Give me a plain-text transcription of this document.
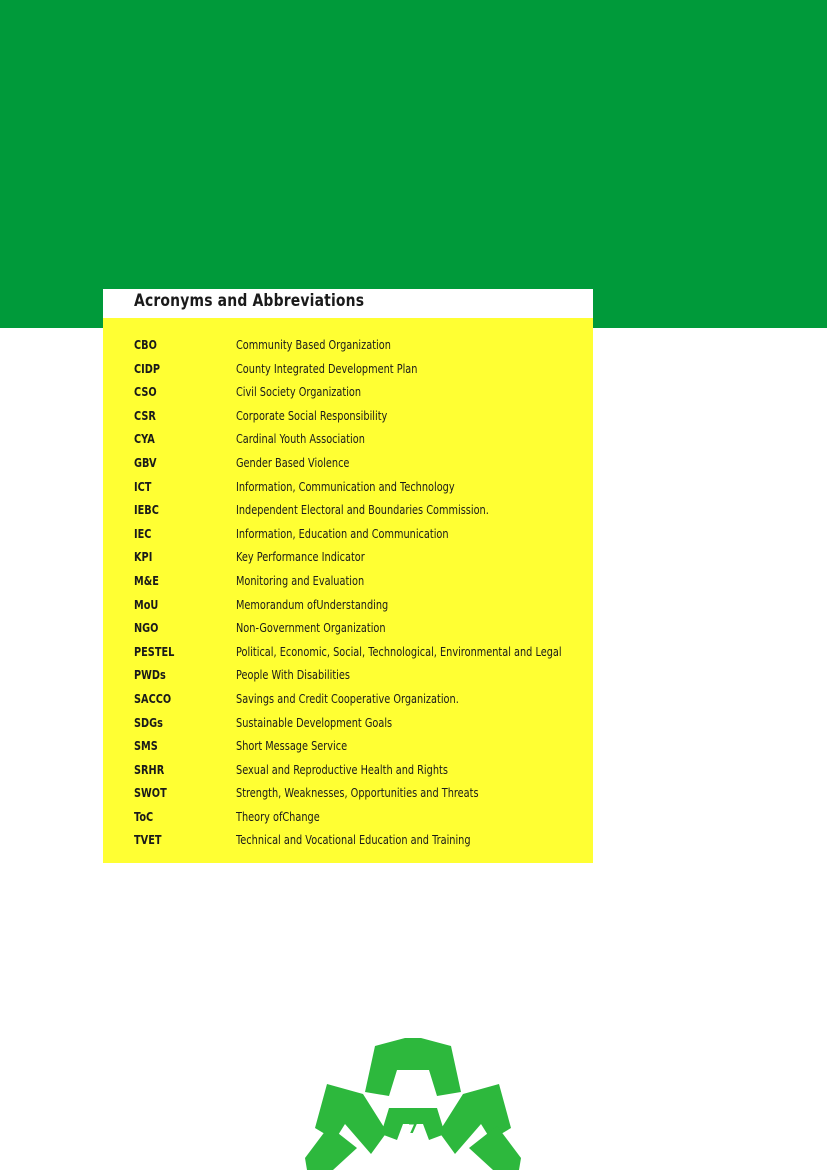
Acronyms and Abbreviations
CBO	Community Based Organization
CIDP	County Integrated Development Plan
CSO	Civil Society Organization
CSR	Corporate Social Responsibility
CYA	Cardinal Youth Association
GBV	Gender Based Violence
ICT	Information, Communication and Technology
IEBC	Independent Electoral and Boundaries Commission.
IEC	Information, Education and Communication
KPI	Key Performance Indicator
M&E	Monitoring and Evaluation
MoU	Memorandum ofUnderstanding
NGO	Non-Government Organization
PESTEL	Political, Economic, Social, Technological, Environmental and Legal
PWDs	People With Disabilities
SACCO	Savings and Credit Cooperative Organization.
SDGs	Sustainable Development Goals
SMS	Short Message Service
SRHR	Sexual and Reproductive Health and Rights
SWOT	Strength, Weaknesses, Opportunities and Threats
ToC	Theory ofChange
TVET	Technical and Vocational Education and Training
7
